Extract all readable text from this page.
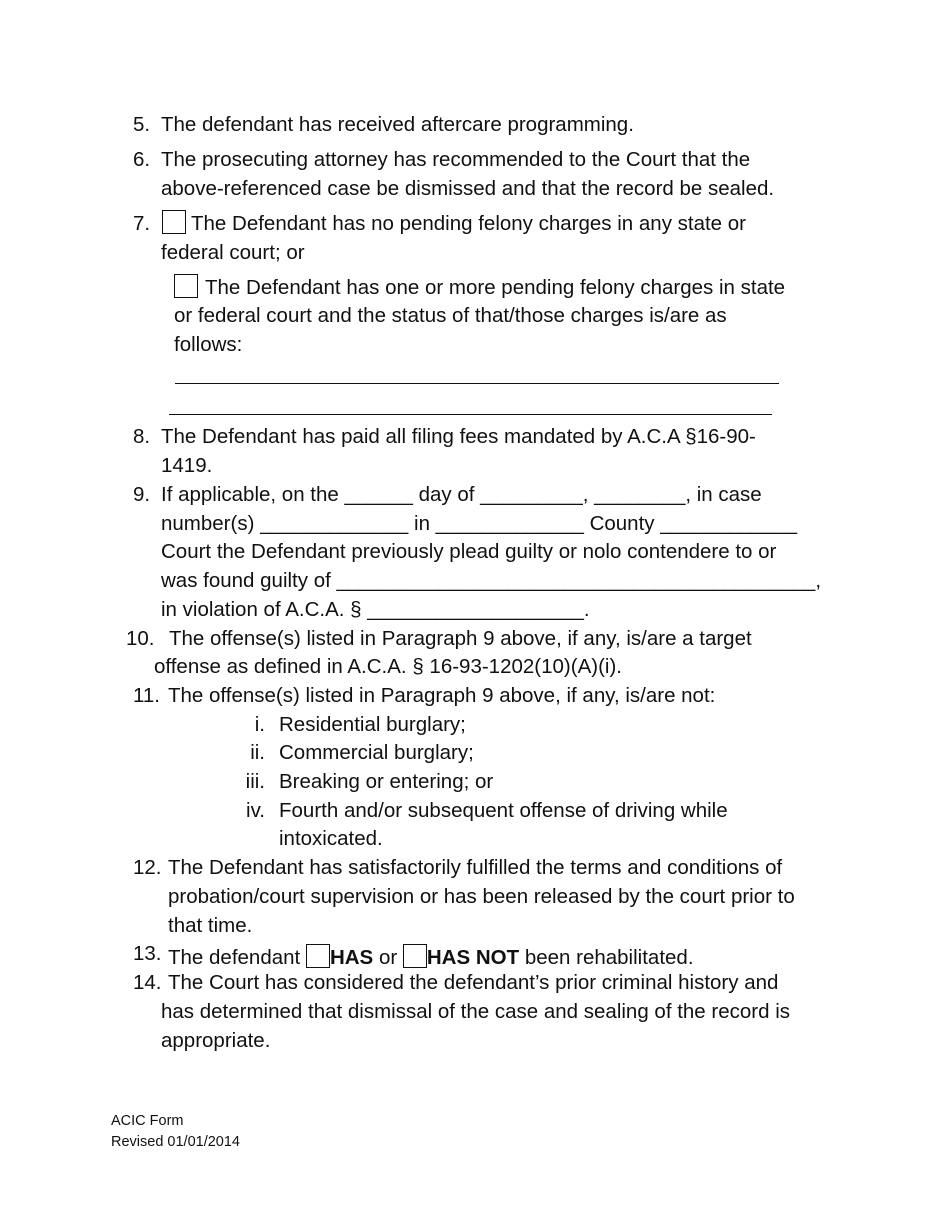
5. The defendant has received aftercare programming.
6. The prosecuting attorney has recommended to the Court that the
above-referenced case be dismissed and that the record be sealed.
7. The Defendant has no pending felony charges in any state or
federal court; or
The Defendant has one or more pending felony charges in state
or federal court and the status of that/those charges is/are as
follows:
8. The Defendant has paid all filing fees mandated by A.C.A §16-90-
1419.
9. If applicable, on the ______ day of _________, ________, in case
number(s) _____________ in _____________ County ____________
Court the Defendant previously plead guilty or nolo contendere to or
was found guilty of __________________________________________,
in violation of A.C.A. § ___________________.
10. The offense(s) listed in Paragraph 9 above, if any, is/are a target
offense as defined in A.C.A. § 16-93-1202(10)(A)(i).
11. The offense(s) listed in Paragraph 9 above, if any, is/are not:
i. Residential burglary;
ii. Commercial burglary;
iii. Breaking or entering; or
iv. Fourth and/or subsequent offense of driving while
intoxicated.
12. The Defendant has satisfactorily fulfilled the terms and conditions of
probation/court supervision or has been released by the court prior to
that time.
13. The defendant HAS or HAS NOT been rehabilitated.
14. The Court has considered the defendant’s prior criminal history and
has determined that dismissal of the case and sealing of the record is
appropriate.
ACIC Form
Revised 01/01/2014
